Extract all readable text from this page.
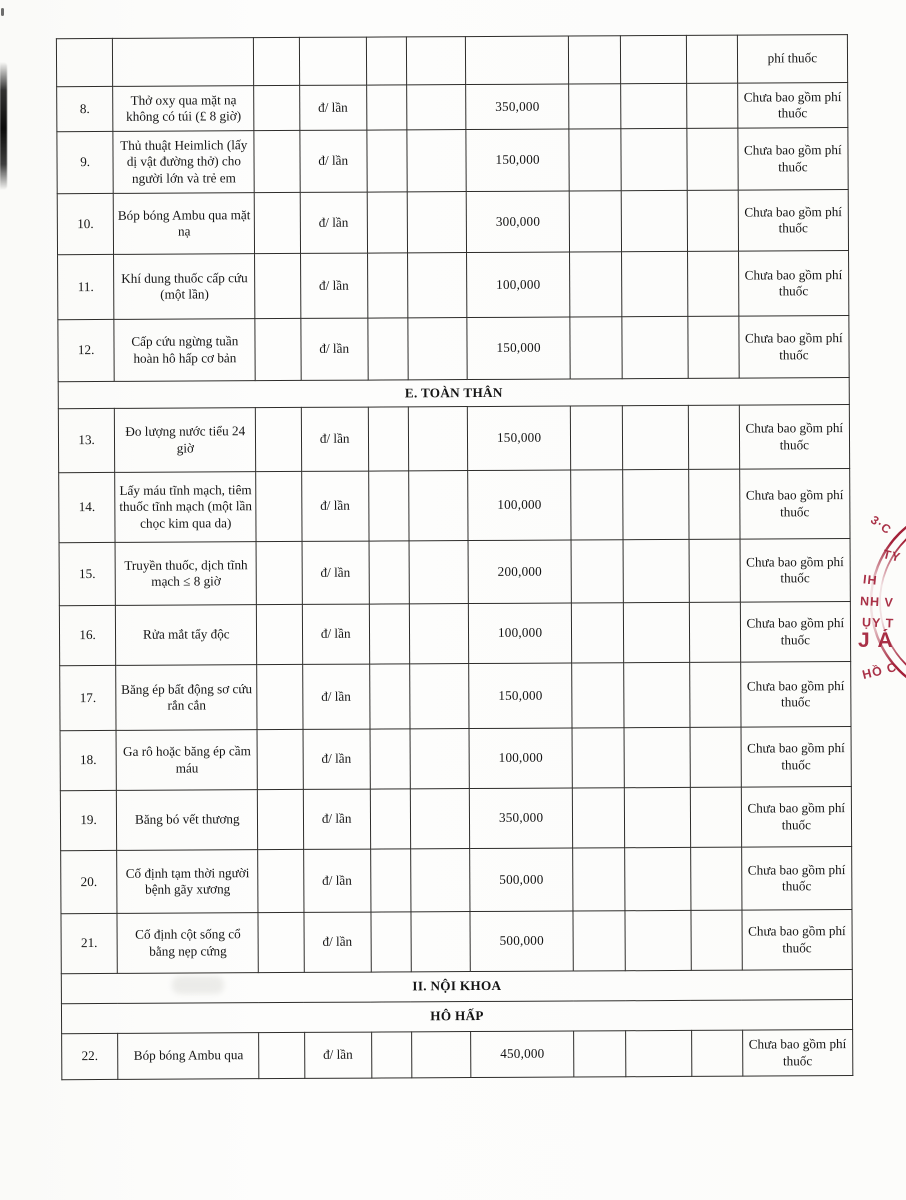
										phí thuốc
8.	Thở oxy qua mặt nạ không có túi (£ 8 giờ)		đ/ lần			350,000				Chưa bao gồm phí thuốc
9.	Thủ thuật Heimlich (lấy dị vật đường thở) cho người lớn và trẻ em		đ/ lần			150,000				Chưa bao gồm phí thuốc
10.	Bóp bóng Ambu qua mặt nạ		đ/ lần			300,000				Chưa bao gồm phí thuốc
11.	Khí dung thuốc cấp cứu (một lần)		đ/ lần			100,000				Chưa bao gồm phí thuốc
12.	Cấp cứu ngừng tuần hoàn hô hấp cơ bản		đ/ lần			150,000				Chưa bao gồm phí thuốc
E. TOÀN THÂN										
13.	Đo lượng nước tiểu 24 giờ		đ/ lần			150,000				Chưa bao gồm phí thuốc
14.	Lấy máu tĩnh mạch, tiêm thuốc tĩnh mạch (một lần chọc kim qua da)		đ/ lần			100,000				Chưa bao gồm phí thuốc
15.	Truyền thuốc, dịch tĩnh mạch ≤ 8 giờ		đ/ lần			200,000				Chưa bao gồm phí thuốc
16.	Rửa mắt tẩy độc		đ/ lần			100,000				Chưa bao gồm phí thuốc
17.	Băng ép bất động sơ cứu rắn cắn		đ/ lần			150,000				Chưa bao gồm phí thuốc
18.	Ga rô hoặc băng ép cầm máu		đ/ lần			100,000				Chưa bao gồm phí thuốc
19.	Băng bó vết thương		đ/ lần			350,000				Chưa bao gồm phí thuốc
20.	Cố định tạm thời người bệnh gãy xương		đ/ lần			500,000				Chưa bao gồm phí thuốc
21.	Cố định cột sống cổ bằng nẹp cứng		đ/ lần			500,000				Chưa bao gồm phí thuốc
II. NỘI KHOA										
HÔ HẤP										
22.	Bóp bóng Ambu qua		đ/ lần			450,000				Chưa bao gồm phí thuốc
3·C
TY
IH
NH V
ỤY T
J Á
HỒ C
